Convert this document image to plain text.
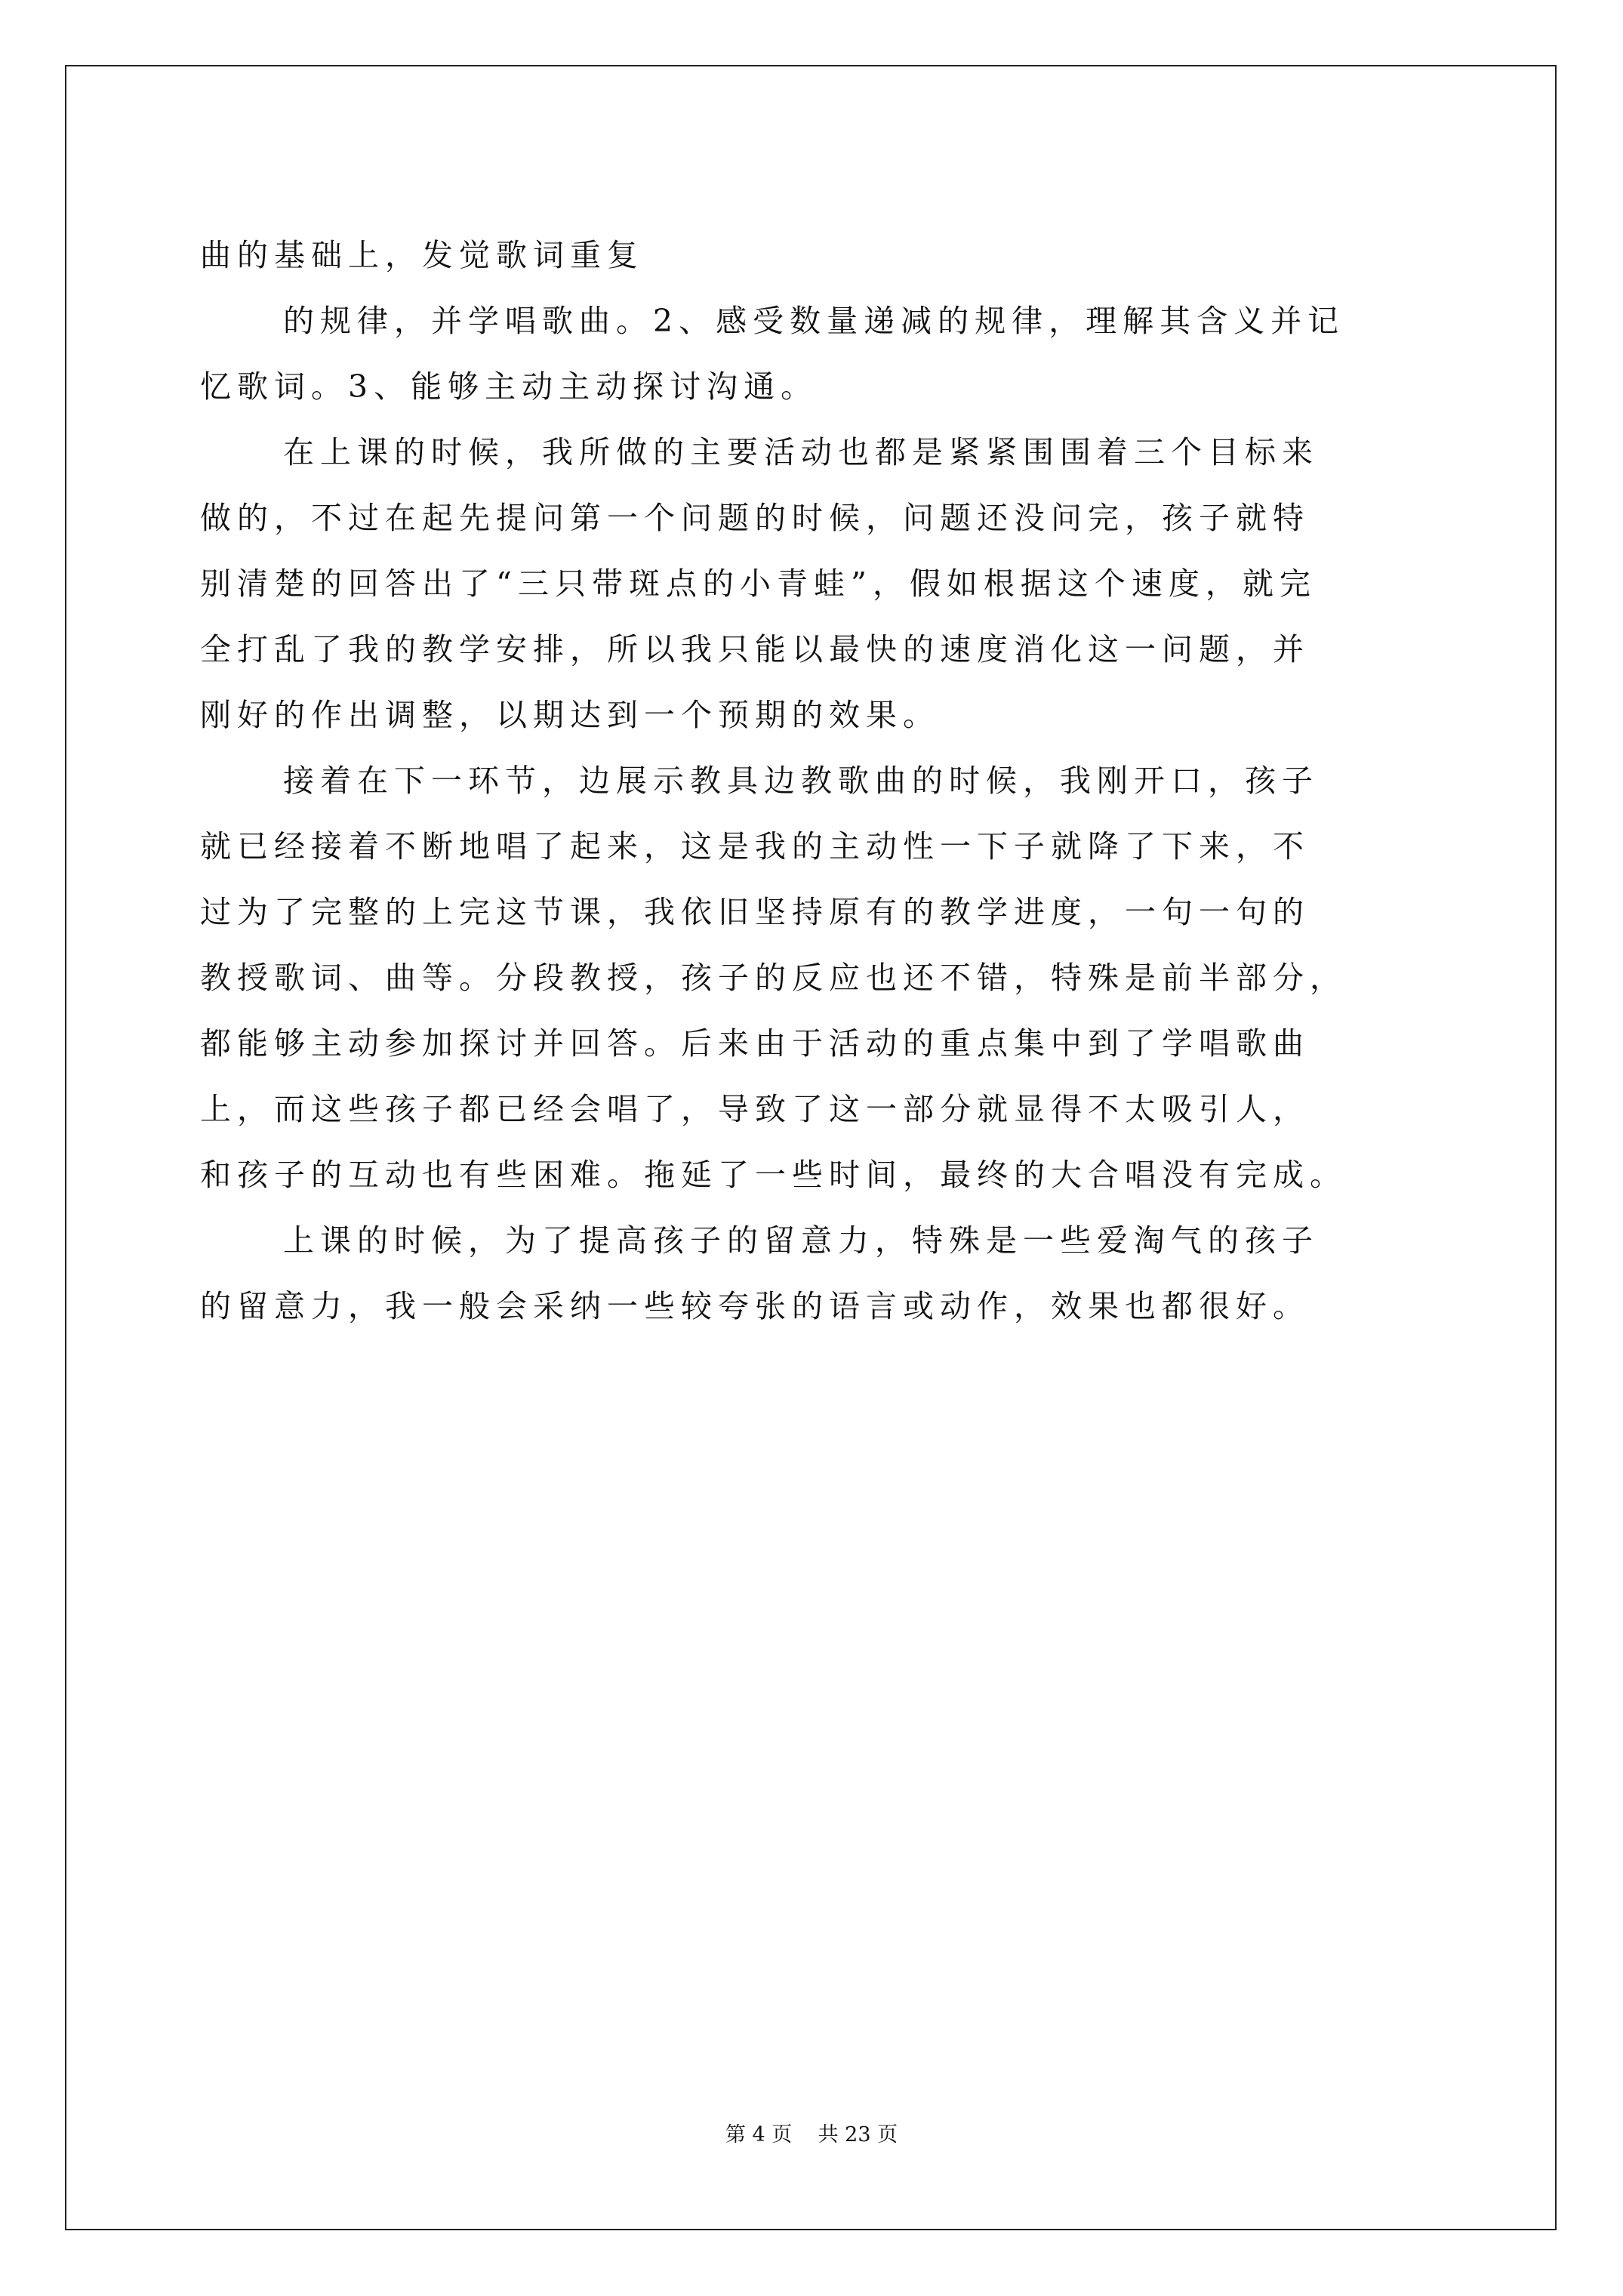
曲的基础上，发觉歌词重复
的规律，并学唱歌曲。2、感受数量递减的规律，理解其含义并记
忆歌词。3、能够主动主动探讨沟通。
在上课的时候，我所做的主要活动也都是紧紧围围着三个目标来
做的，不过在起先提问第一个问题的时候，问题还没问完，孩子就特
别清楚的回答出了“三只带斑点的小青蛙”，假如根据这个速度，就完
全打乱了我的教学安排，所以我只能以最快的速度消化这一问题，并
刚好的作出调整，以期达到一个预期的效果。
接着在下一环节，边展示教具边教歌曲的时候，我刚开口，孩子
就已经接着不断地唱了起来，这是我的主动性一下子就降了下来，不
过为了完整的上完这节课，我依旧坚持原有的教学进度，一句一句的
教授歌词、曲等。分段教授，孩子的反应也还不错，特殊是前半部分，
都能够主动参加探讨并回答。后来由于活动的重点集中到了学唱歌曲
上，而这些孩子都已经会唱了，导致了这一部分就显得不太吸引人，
和孩子的互动也有些困难。拖延了一些时间，最终的大合唱没有完成。
上课的时候，为了提高孩子的留意力，特殊是一些爱淘气的孩子
的留意力，我一般会采纳一些较夸张的语言或动作，效果也都很好。
第 4 页    共 23 页
